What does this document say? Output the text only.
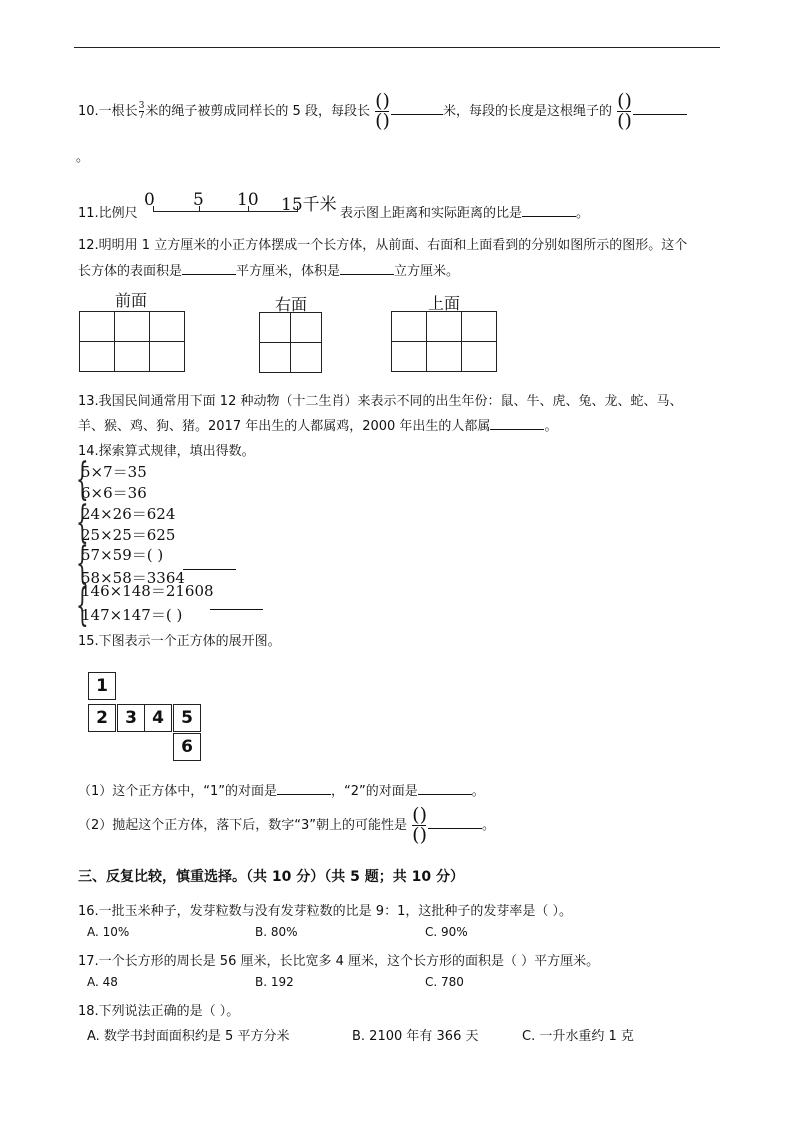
10.一根长 $\frac{3}{7}$ 米的绳子被剪成同样长的 5 段，每段长 $\frac{()}{()}$	米，每段的长度是这根绳子的 $\frac{()}{()}$
。
11.比例尺
0 5 10 15千米 表示图上距离和实际距离的比是	。
12.明明用 1 立方厘米的小正方体摆成一个长方体，从前面、右面和上面看到的分别如图所示的图形。这个
长方体的表面积是	平方厘米，体积是	立方厘米。
前面

			右面

		上面

13.我国民间通常用下面 12 种动物（十二生肖）来表示不同的出生年份：鼠、牛、虎、兔、龙、蛇、马、
羊、猴、鸡、狗、猪。2017 年出生的人都属鸡，2000 年出生的人都属	。
14.探索算式规律，填出得数。
{
5×7＝35
6×6＝36
{
24×26＝624
25×25＝625
{
57×59＝( )
58×58＝3364
{
146×148＝21608
147×147＝( )
15.下图表示一个正方体的展开图。
1
2	3 4	5
6
（1）这个正方体中，“1”的对面是	，“2”的对面是	。
（2）抛起这个正方体，落下后，数字“3”朝上的可能性是 $\frac{()}{()}$	。
三、反复比较，慎重选择。（共 10 分）（共 5 题；共 10 分）
16.一批玉米种子，发芽粒数与没有发芽粒数的比是 9：1，这批种子的发芽率是（ ）。
A. 10%	B. 80%	C. 90%
17.一个长方形的周长是 56 厘米，长比宽多 4 厘米，这个长方形的面积是（ ）平方厘米。
A. 48	B. 192	C. 780
18.下列说法正确的是（ ）。
A. 数学书封面面积约是 5 平方分米	B. 2100 年有 366 天	C. 一升水重约 1 克
